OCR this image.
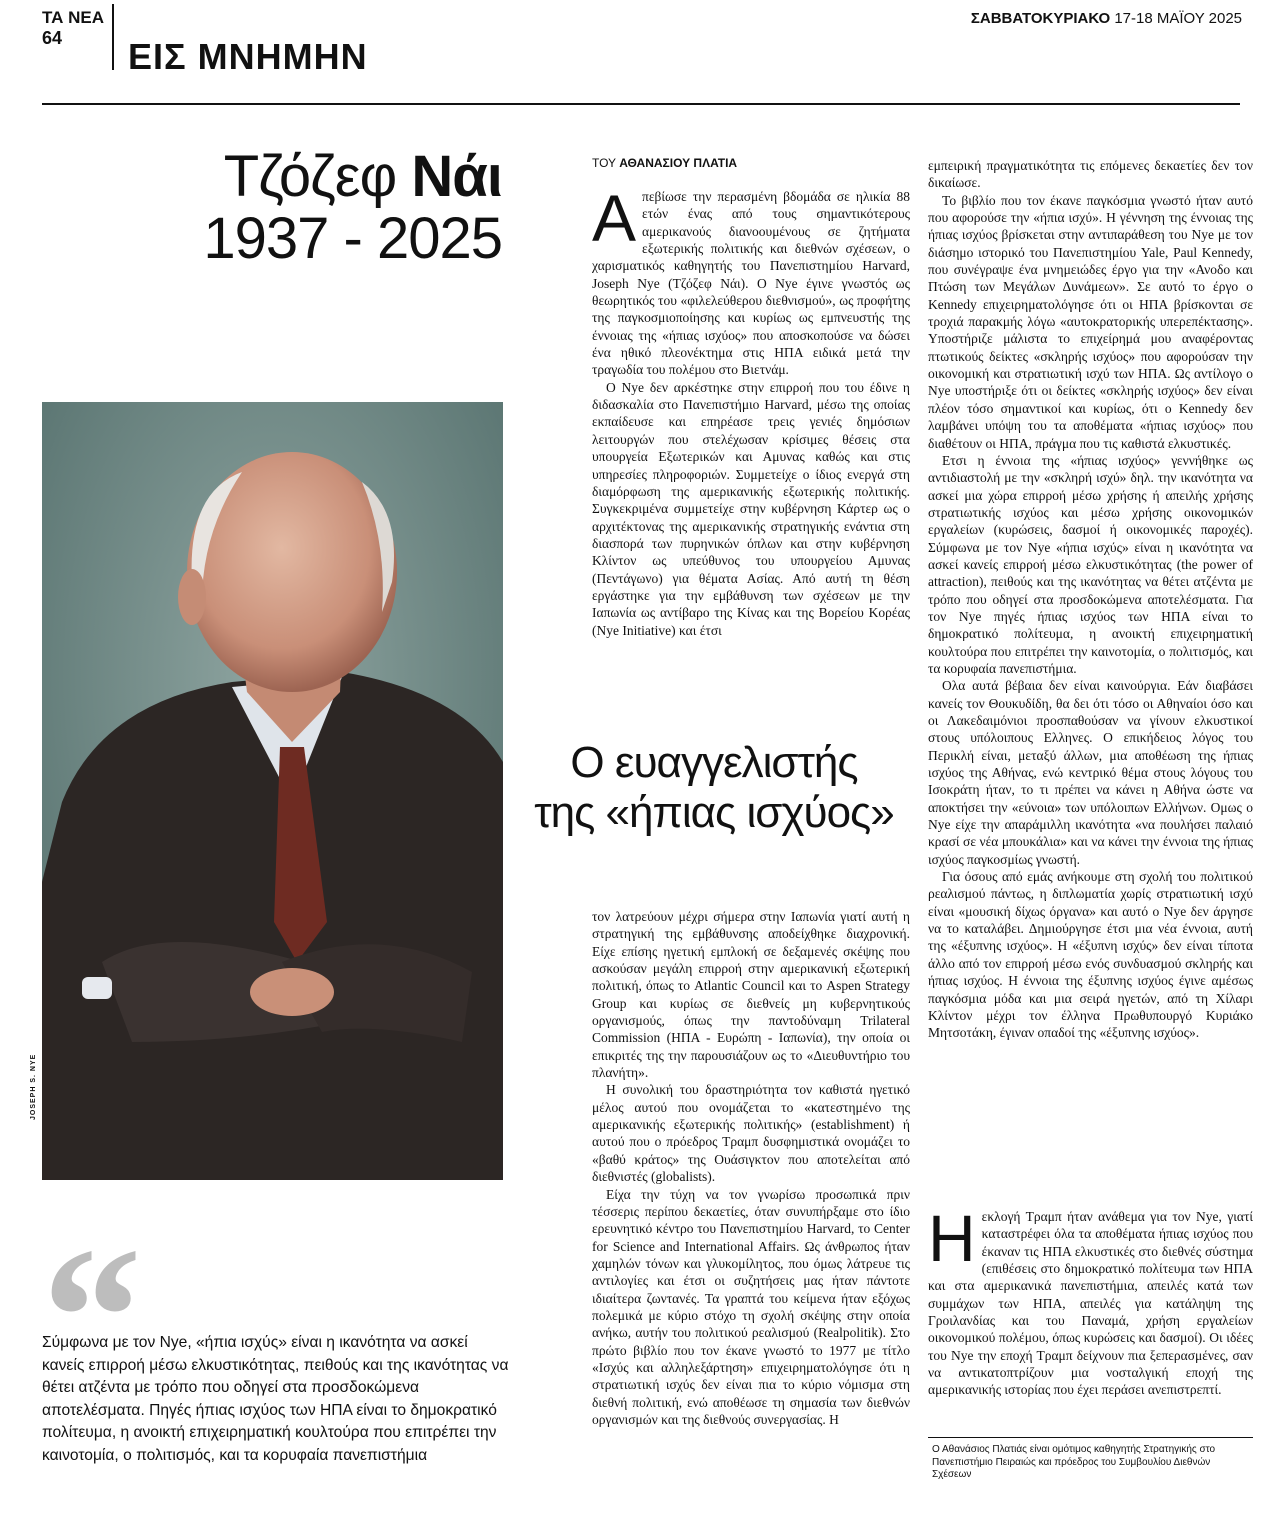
ΤΑ ΝΕΑ
64 ΕΙΣ ΜΝΗΜΗΝ
ΣΑΒΒΑΤΟΚΥΡΙΑΚΟ 17-18 ΜΑΪΟΥ 2025
Τζόζεφ Νάι
1937 - 2025
JOSEPH S. NYE
ΤΟΥ ΑΘΑΝΑΣΙΟΥ ΠΛΑΤΙΑ

Απεβίωσε την περασμένη βδομάδα σε ηλικία 88 ετών ένας από τους σημαντικότερους αμερικανούς διανοουμένους σε ζητήματα εξωτερικής πολιτικής και διεθνών σχέσεων, ο χαρισματικός καθηγητής του Πανεπιστημίου Harvard, Joseph Nye (Τζόζεφ Νάι). Ο Nye έγινε γνωστός ως θεωρητικός του «φιλελεύθερου διεθνισμού», ως προφήτης της παγκοσμιοποίησης και κυρίως ως εμπνευστής της έννοιας της «ήπιας ισχύος» που αποσκοπούσε να δώσει ένα ηθικό πλεονέκτημα στις ΗΠΑ ειδικά μετά την τραγωδία του πολέμου στο Βιετνάμ.

Ο Nye δεν αρκέστηκε στην επιρροή που του έδινε η διδασκαλία στο Πανεπιστήμιο Harvard, μέσω της οποίας εκπαίδευσε και επηρέασε τρεις γενιές δημόσιων λειτουργών που στελέχωσαν κρίσιμες θέσεις στα υπουργεία Εξωτερικών και Αμυνας καθώς και στις υπηρεσίες πληροφοριών. Συμμετείχε ο ίδιος ενεργά στη διαμόρφωση της αμερικανικής εξωτερικής πολιτικής. Συγκεκριμένα συμμετείχε στην κυβέρνηση Κάρτερ ως ο αρχιτέκτονας της αμερικανικής στρατηγικής ενάντια στη διασπορά των πυρηνικών όπλων και στην κυβέρνηση Κλίντον ως υπεύθυνος του υπουργείου Αμυνας (Πεντάγωνο) για θέματα Ασίας. Από αυτή τη θέση εργάστηκε για την εμβάθυνση των σχέσεων με την Ιαπωνία ως αντίβαρο της Κίνας και της Βορείου Κορέας (Nye Initiative) και έτσι

Ο ευαγγελιστής
της «ήπιας ισχύος»

τον λατρεύουν μέχρι σήμερα στην Ιαπωνία γιατί αυτή η στρατηγική της εμβάθυνσης αποδείχθηκε διαχρονική. Είχε επίσης ηγετική εμπλοκή σε δεξαμενές σκέψης που ασκούσαν μεγάλη επιρροή στην αμερικανική εξωτερική πολιτική, όπως το Atlantic Council και το Aspen Strategy Group και κυρίως σε διεθνείς μη κυβερνητικούς οργανισμούς, όπως την παντοδύναμη Trilateral Commission (ΗΠΑ - Ευρώπη - Ιαπωνία), την οποία οι επικριτές της την παρουσιάζουν ως το «Διευθυντήριο του πλανήτη».

Η συνολική του δραστηριότητα τον καθιστά ηγετικό μέλος αυτού που ονομάζεται το «κατεστημένο της αμερικανικής εξωτερικής πολιτικής» (establishment) ή αυτού που ο πρόεδρος Τραμπ δυσφημιστικά ονομάζει το «βαθύ κράτος» της Ουάσιγκτον που αποτελείται από διεθνιστές (globalists).

Είχα την τύχη να τον γνωρίσω προσωπικά πριν τέσσερις περίπου δεκαετίες, όταν συνυπήρξαμε στο ίδιο ερευνητικό κέντρο του Πανεπιστημίου Harvard, το Center for Science and International Affairs. Ως άνθρωπος ήταν χαμηλών τόνων και γλυκομίλητος, που όμως λάτρευε τις αντιλογίες και έτσι οι συζητήσεις μας ήταν πάντοτε ιδιαίτερα ζωντανές. Τα γραπτά του κείμενα ήταν εξόχως πολεμικά με κύριο στόχο τη σχολή σκέψης στην οποία ανήκω, αυτήν του πολιτικού ρεαλισμού (Realpolitik). Στο πρώτο βιβλίο που τον έκανε γνωστό το 1977 με τίτλο «Ισχύς και αλληλεξάρτηση» επιχειρηματολόγησε ότι η στρατιωτική ισχύς δεν είναι πια το κύριο νόμισμα στη διεθνή πολιτική, ενώ αποθέωσε τη σημασία των διεθνών οργανισμών και της διεθνούς συνεργασίας. Η

εμπειρική πραγματικότητα τις επόμενες δεκαετίες δεν τον δικαίωσε.

Το βιβλίο που τον έκανε παγκόσμια γνωστό ήταν αυτό που αφορούσε την «ήπια ισχύ». Η γέννηση της έννοιας της ήπιας ισχύος βρίσκεται στην αντιπαράθεση του Nye με τον διάσημο ιστορικό του Πανεπιστημίου Yale, Paul Kennedy, που συνέγραψε ένα μνημειώδες έργο για την «Ανοδο και Πτώση των Μεγάλων Δυνάμεων». Σε αυτό το έργο ο Kennedy επιχειρηματολόγησε ότι οι ΗΠΑ βρίσκονται σε τροχιά παρακμής λόγω «αυτοκρατορικής υπερεπέκτασης». Υποστήριζε μάλιστα το επιχείρημά μου αναφέροντας πτωτικούς δείκτες «σκληρής ισχύος» που αφορούσαν την οικονομική και στρατιωτική ισχύ των ΗΠΑ. Ως αντίλογο ο Nye υποστήριξε ότι οι δείκτες «σκληρής ισχύος» δεν είναι πλέον τόσο σημαντικοί και κυρίως, ότι ο Kennedy δεν λαμβάνει υπόψη του τα αποθέματα «ήπιας ισχύος» που διαθέτουν οι ΗΠΑ, πράγμα που τις καθιστά ελκυστικές.

Ετσι η έννοια της «ήπιας ισχύος» γεννήθηκε ως αντιδιαστολή με την «σκληρή ισχύ» δηλ. την ικανότητα να ασκεί μια χώρα επιρροή μέσω χρήσης ή απειλής χρήσης στρατιωτικής ισχύος και μέσω χρήσης οικονομικών εργαλείων (κυρώσεις, δασμοί ή οικονομικές παροχές). Σύμφωνα με τον Nye «ήπια ισχύς» είναι η ικανότητα να ασκεί κανείς επιρροή μέσω ελκυστικότητας (the power of attraction), πειθούς και της ικανότητας να θέτει ατζέντα με τρόπο που οδηγεί στα προσδοκώμενα αποτελέσματα. Για τον Nye πηγές ήπιας ισχύος των ΗΠΑ είναι το δημοκρατικό πολίτευμα, η ανοικτή επιχειρηματική κουλτούρα που επιτρέπει την καινοτομία, ο πολιτισμός, και τα κορυφαία πανεπιστήμια.

Ολα αυτά βέβαια δεν είναι καινούργια. Εάν διαβάσει κανείς τον Θουκυδίδη, θα δει ότι τόσο οι Αθηναίοι όσο και οι Λακεδαιμόνιοι προσπαθούσαν να γίνουν ελκυστικοί στους υπόλοιπους Ελληνες. Ο επικήδειος λόγος του Περικλή είναι, μεταξύ άλλων, μια αποθέωση της ήπιας ισχύος της Αθήνας, ενώ κεντρικό θέμα στους λόγους του Ισοκράτη ήταν, το τι πρέπει να κάνει η Αθήνα ώστε να αποκτήσει την «εύνοια» των υπόλοιπων Ελλήνων. Ομως ο Nye είχε την απαράμιλλη ικανότητα «να πουλήσει παλαιό κρασί σε νέα μπουκάλια» και να κάνει την έννοια της ήπιας ισχύος παγκοσμίως γνωστή.

Για όσους από εμάς ανήκουμε στη σχολή του πολιτικού ρεαλισμού πάντως, η διπλωματία χωρίς στρατιωτική ισχύ είναι «μουσική δίχως όργανα» και αυτό ο Nye δεν άργησε να το καταλάβει. Δημιούργησε έτσι μια νέα έννοια, αυτή της «έξυπνης ισχύος». Η «έξυπνη ισχύς» δεν είναι τίποτα άλλο από τον επιρροή μέσω ενός συνδυασμού σκληρής και ήπιας ισχύος. Η έννοια της έξυπνης ισχύος έγινε αμέσως παγκόσμια μόδα και μια σειρά ηγετών, από τη Χίλαρι Κλίντον μέχρι τον έλληνα Πρωθυπουργό Κυριάκο Μητσοτάκη, έγιναν οπαδοί της «έξυπνης ισχύος».

Ηεκλογή Τραμπ ήταν ανάθεμα για τον Nye, γιατί καταστρέφει όλα τα αποθέματα ήπιας ισχύος που έκαναν τις ΗΠΑ ελκυστικές στο διεθνές σύστημα (επιθέσεις στο δημοκρατικό πολίτευμα των ΗΠΑ και στα αμερικανικά πανεπιστήμια, απειλές κατά των συμμάχων των ΗΠΑ, απειλές για κατάληψη της Γροιλανδίας και του Παναμά, χρήση εργαλείων οικονομικού πολέμου, όπως κυρώσεις και δασμοί). Οι ιδέες του Nye την εποχή Τραμπ δείχνουν πια ξεπερασμένες, σαν να αντικατοπτρίζουν μια νοσταλγική εποχή της αμερικανικής ιστορίας που έχει περάσει ανεπιστρεπτί.

“
Σύμφωνα με τον Nye, «ήπια ισχύς» είναι η ικανότητα να ασκεί κανείς επιρροή μέσω ελκυστικότητας, πειθούς και της ικανότητας να θέτει ατζέντα με τρόπο που οδηγεί στα προσδοκώμενα αποτελέσματα. Πηγές ήπιας ισχύος των ΗΠΑ είναι το δημοκρατικό πολίτευμα, η ανοικτή επιχειρηματική κουλτούρα που επιτρέπει την καινοτομία, ο πολιτισμός, και τα κορυφαία πανεπιστήμια	Ο Αθανάσιος Πλατιάς είναι ομότιμος καθηγητής Στρατηγικής στο Πανεπιστήμιο Πειραιώς και πρόεδρος του Συμβουλίου Διεθνών Σχέσεων
